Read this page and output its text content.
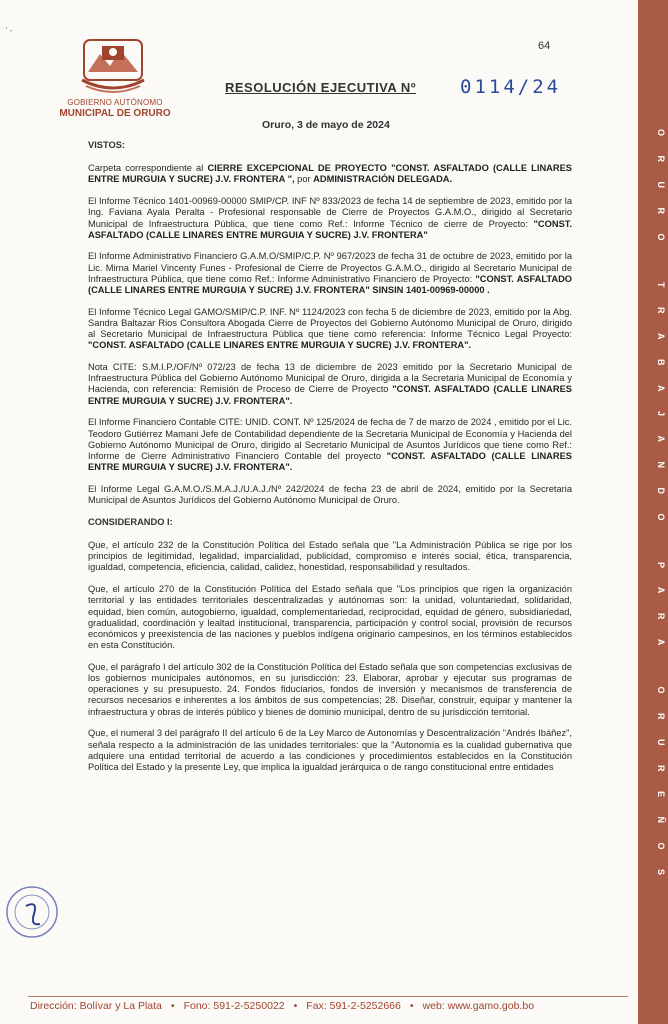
' -
GOBIERNO AUTÓNOMO
MUNICIPAL DE ORURO
64
RESOLUCIÓN EJECUTIVA Nº 0114/24
Oruro, 3 de mayo de 2024
VISTOS:

Carpeta correspondiente al CIERRE EXCEPCIONAL DE PROYECTO "CONST. ASFALTADO (CALLE LINARES ENTRE MURGUIA Y SUCRE) J.V. FRONTERA ", por ADMINISTRACIÓN DELEGADA.

El Informe Técnico 1401-00969-00000 SMIP/CP. INF Nº 833/2023 de fecha 14 de septiembre de 2023, emitido por la Ing. Faviana Ayala Peralta - Profesional responsable de Cierre de Proyectos G.A.M.O., dirigido al Secretario Municipal de Infraestructura Pública, que tiene como Ref.: Informe Técnico de cierre de Proyecto: "CONST. ASFALTADO (CALLE LINARES ENTRE MURGUIA Y SUCRE) J.V. FRONTERA"

El Informe Administrativo Financiero G.A.M.O/SMIP/C.P. Nº 967/2023 de fecha 31 de octubre de 2023, emitido por la Lic. Mirna Mariel Vincenty Funes - Profesional de Cierre de Proyectos G.A.M.O., dirigido al Secretario Municipal de Infraestructura Pública, que tiene como Ref.: Informe Administrativo Financiero de Proyecto: "CONST. ASFALTADO (CALLE LINARES ENTRE MURGUIA Y SUCRE) J.V. FRONTERA" SINSIN 1401-00969-00000 .

El Informe Técnico Legal GAMO/SMIP/C.P. INF. Nº 1124/2023 con fecha 5 de diciembre de 2023, emitido por la Abg. Sandra Baltazar Rios Consultora Abogada Cierre de Proyectos del Gobierno Autónomo Municipal de Oruro, dirigido al Secretario Municipal de Infraestructura Pública que tiene como referencia: Informe Técnico Legal Proyecto: "CONST. ASFALTADO (CALLE LINARES ENTRE MURGUIA Y SUCRE) J.V. FRONTERA".

Nota CITE: S.M.I.P./OF/Nº 072/23 de fecha 13 de diciembre de 2023 emitido por la Secretario Municipal de Infraestructura Pública del Gobierno Autónomo Municipal de Oruro, dirigida a la Secretaria Municipal de Economía y Hacienda, con referencia: Remisión de Proceso de Cierre de Proyecto "CONST. ASFALTADO (CALLE LINARES ENTRE MURGUIA Y SUCRE) J.V. FRONTERA".

El Informe Financiero Contable CITE: UNID. CONT. Nº 125/2024 de fecha de 7 de marzo de 2024 , emitido por el Lic. Teodoro Gutiérrez Mamani Jefe de Contabilidad dependiente de la Secretaria Municipal de Economía y Hacienda del Gobierno Autónomo Municipal de Oruro, dirigido al Secretario Municipal de Asuntos Jurídicos que tiene como Ref.: Informe de Cierre Administrativo Financiero Contable del proyecto "CONST. ASFALTADO (CALLE LINARES ENTRE MURGUIA Y SUCRE) J.V. FRONTERA".

El Informe Legal G.A.M.O./S.M.A.J./U.A.J./Nº 242/2024 de fecha 23 de abril de 2024, emitido por la Secretaria Municipal de Asuntos Jurídicos del Gobierno Autónomo Municipal de Oruro.

CONSIDERANDO I:

Que, el artículo 232 de la Constitución Política del Estado señala que "La Administración Pública se rige por los principios de legitimidad, legalidad, imparcialidad, publicidad, compromiso e interés social, ética, transparencia, igualdad, competencia, eficiencia, calidad, calidez, honestidad, responsabilidad y resultados.

Que, el artículo 270 de la Constitución Política del Estado señala que "Los principios que rigen la organización territorial y las entidades territoriales descentralizadas y autónomas son: la unidad, voluntariedad, solidaridad, equidad, bien común, autogobierno, igualdad, complementariedad, reciprocidad, equidad de género, subsidiariedad, gradualidad, coordinación y lealtad institucional, transparencia, participación y control social, provisión de recursos económicos y preexistencia de las naciones y pueblos indígena originario campesinos, en los términos establecidos en esta Constitución.

Que, el parágrafo I del artículo 302 de la Constitución Política del Estado señala que son competencias exclusivas de los gobiernos municipales autónomos, en su jurisdicción: 23. Elaborar, aprobar y ejecutar sus programas de operaciones y su presupuesto. 24. Fondos fiduciarios, fondos de inversión y mecanismos de transferencia de recursos necesarios e inherentes a los ámbitos de sus competencias; 28. Diseñar, construir, equipar y mantener la infraestructura y obras de interés público y bienes de dominio municipal, dentro de su jurisdicción territorial.

Que, el numeral 3 del parágrafo II del artículo 6 de la Ley Marco de Autonomías y Descentralización "Andrés Ibáñez", señala respecto a la administración de las unidades territoriales: que la "Autonomía es la cualidad gubernativa que adquiere una entidad territorial de acuerdo a las condiciones y procedimientos establecidos en la Constitución Política del Estado y la presente Ley, que implica la igualdad jerárquica o de rango constitucional entre entidades	ORURO TRABAJANDO PARA ORUREÑOS
Dirección: Bolívar y La Plata • Fono: 591-2-5250022 • Fax: 591-2-5252666 • web: www.gamo.gob.bo
